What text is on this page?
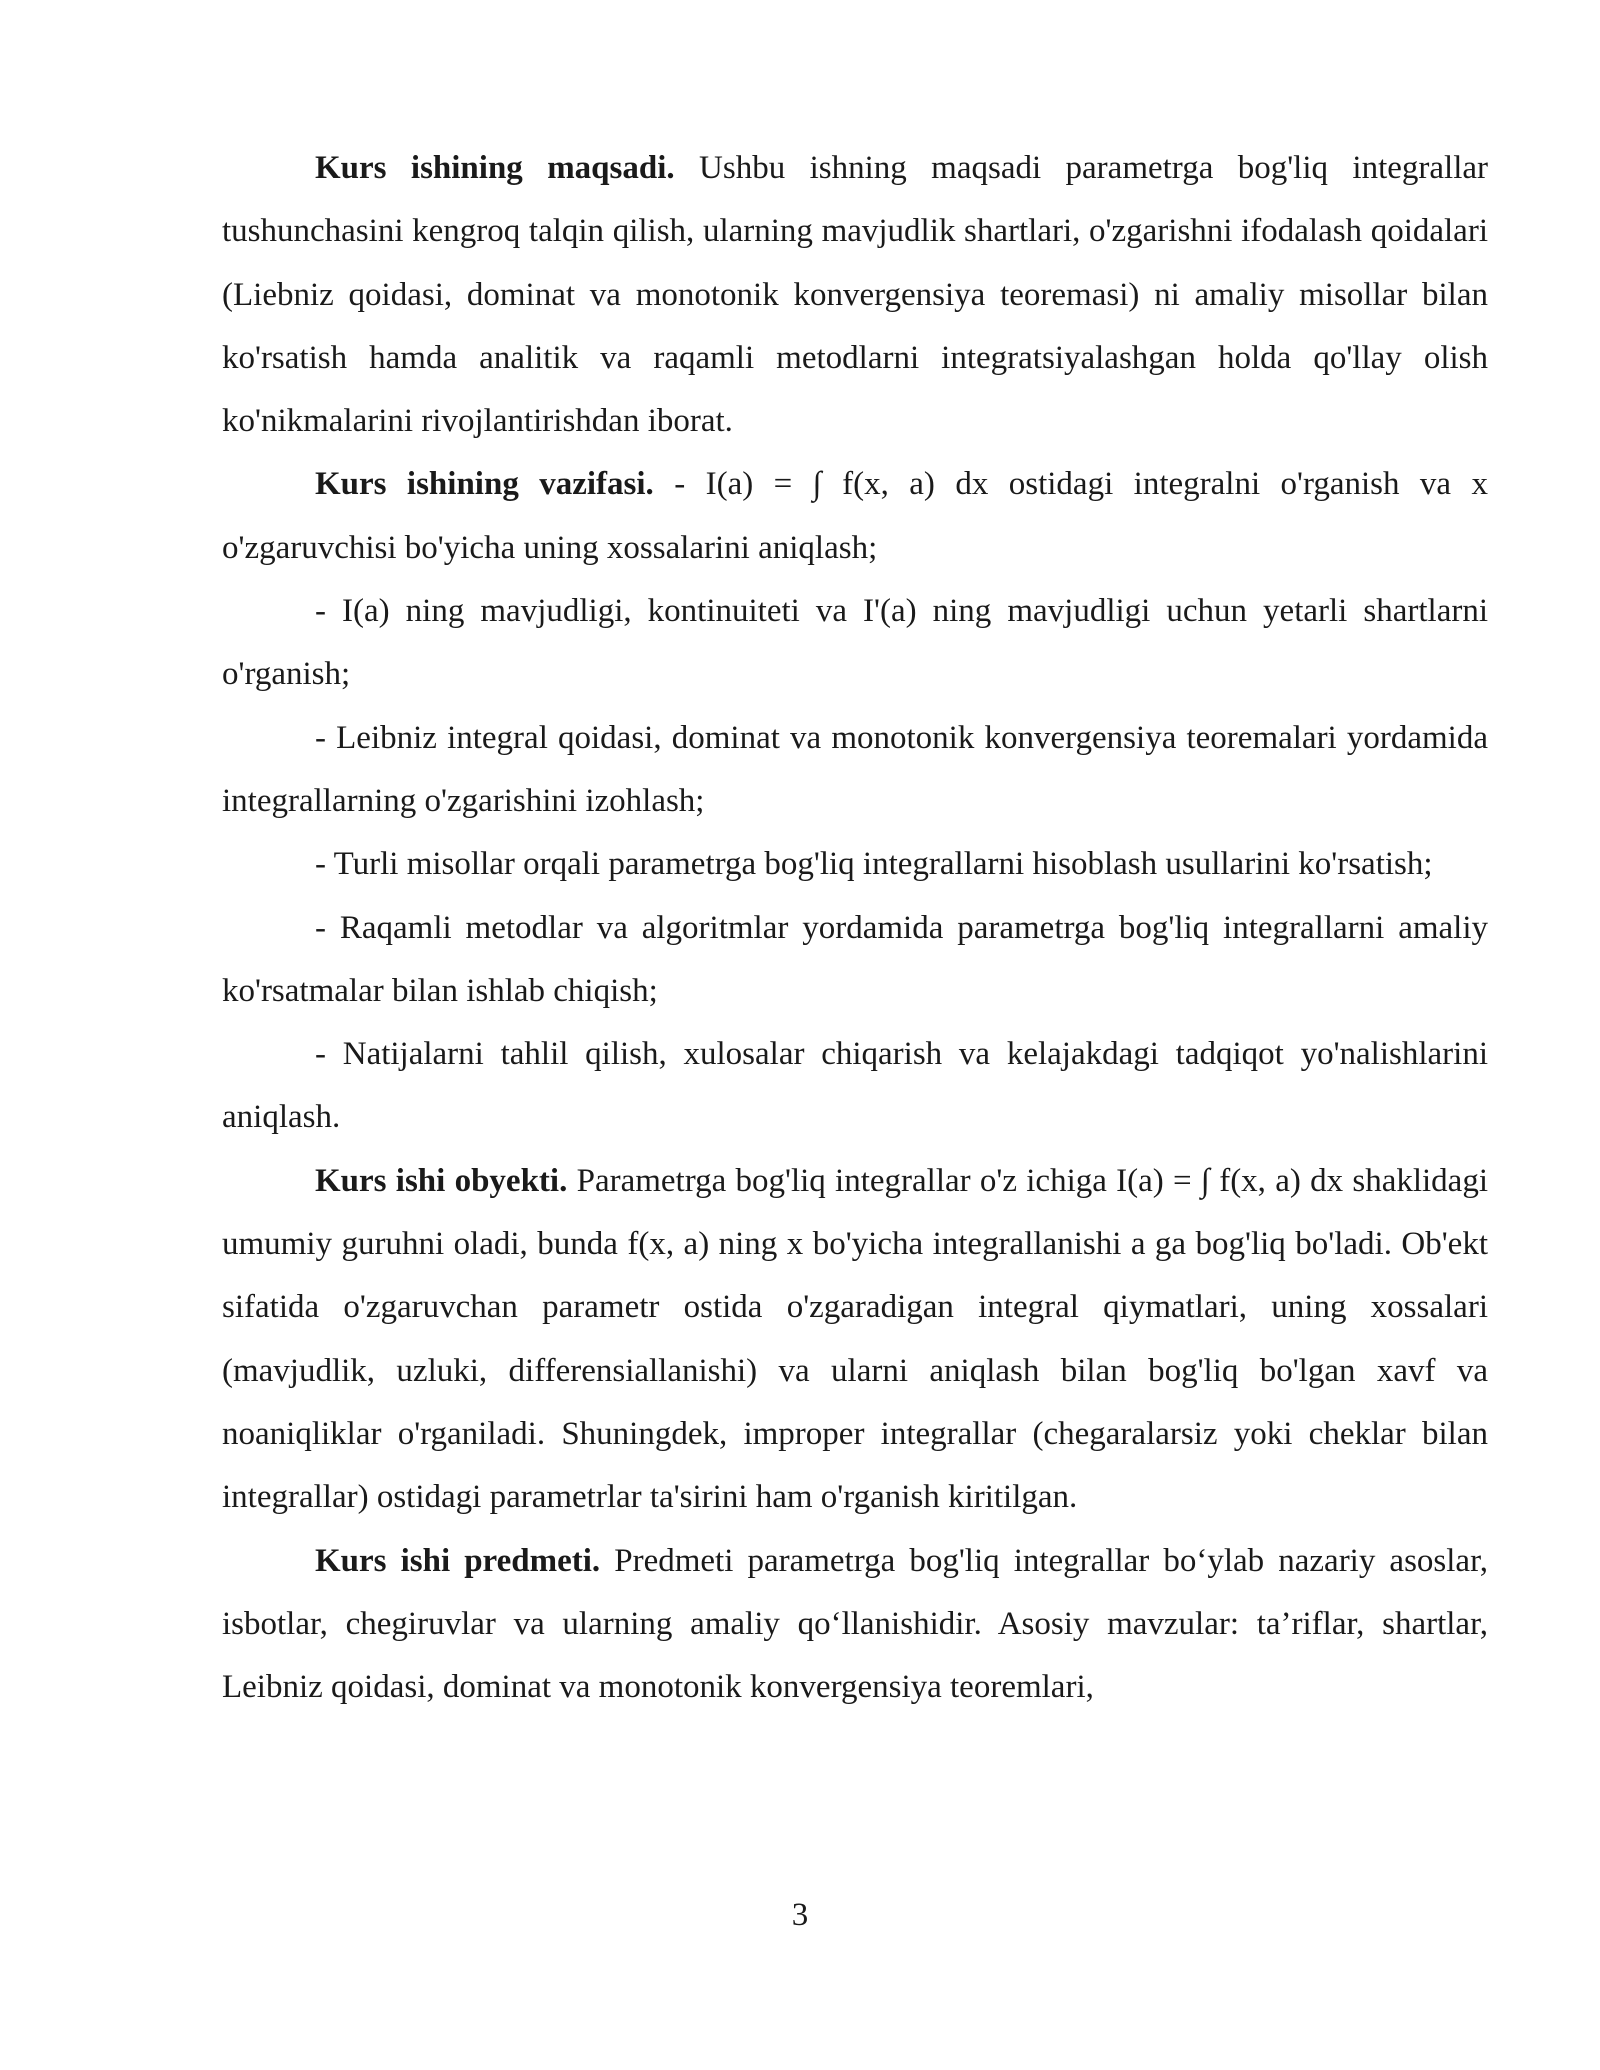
Kurs ishining maqsadi. Ushbu ishning maqsadi parametrga bog'liq integrallar tushunchasini kengroq talqin qilish, ularning mavjudlik shartlari, o'zgarishni ifodalash qoidalari (Liebniz qoidasi, dominat va monotonik konvergensiya teoremasi) ni amaliy misollar bilan ko'rsatish hamda analitik va raqamli metodlarni integratsiyalashgan holda qo'llay olish ko'nikmalarini rivojlantirishdan iborat.

Kurs ishining vazifasi. - I(a) = ∫ f(x, a) dx ostidagi integralni o'rganish va x o'zgaruvchisi bo'yicha uning xossalarini aniqlash;

- I(a) ning mavjudligi, kontinuiteti va I'(a) ning mavjudligi uchun yetarli shartlarni o'rganish;

- Leibniz integral qoidasi, dominat va monotonik konvergensiya teoremalari yordamida integrallarning o'zgarishini izohlash;

- Turli misollar orqali parametrga bog'liq integrallarni hisoblash usullarini ko'rsatish;

- Raqamli metodlar va algoritmlar yordamida parametrga bog'liq integrallarni amaliy ko'rsatmalar bilan ishlab chiqish;

- Natijalarni tahlil qilish, xulosalar chiqarish va kelajakdagi tadqiqot yo'nalishlarini aniqlash.

Kurs ishi obyekti. Parametrga bog'liq integrallar o'z ichiga I(a) = ∫ f(x, a) dx shaklidagi umumiy guruhni oladi, bunda f(x, a) ning x bo'yicha integrallanishi a ga bog'liq bo'ladi. Ob'ekt sifatida o'zgaruvchan parametr ostida o'zgaradigan integral qiymatlari, uning xossalari (mavjudlik, uzluki, differensiallanishi) va ularni aniqlash bilan bog'liq bo'lgan xavf va noaniqliklar o'rganiladi. Shuningdek, improper integrallar (chegaralarsiz yoki cheklar bilan integrallar) ostidagi parametrlar ta'sirini ham o'rganish kiritilgan.

Kurs ishi predmeti. Predmeti parametrga bog'liq integrallar bo‘ylab nazariy asoslar, isbotlar, chegiruvlar va ularning amaliy qo‘llanishidir. Asosiy mavzular: ta’riflar, shartlar, Leibniz qoidasi, dominat va monotonik konvergensiya teoremlari,

3
